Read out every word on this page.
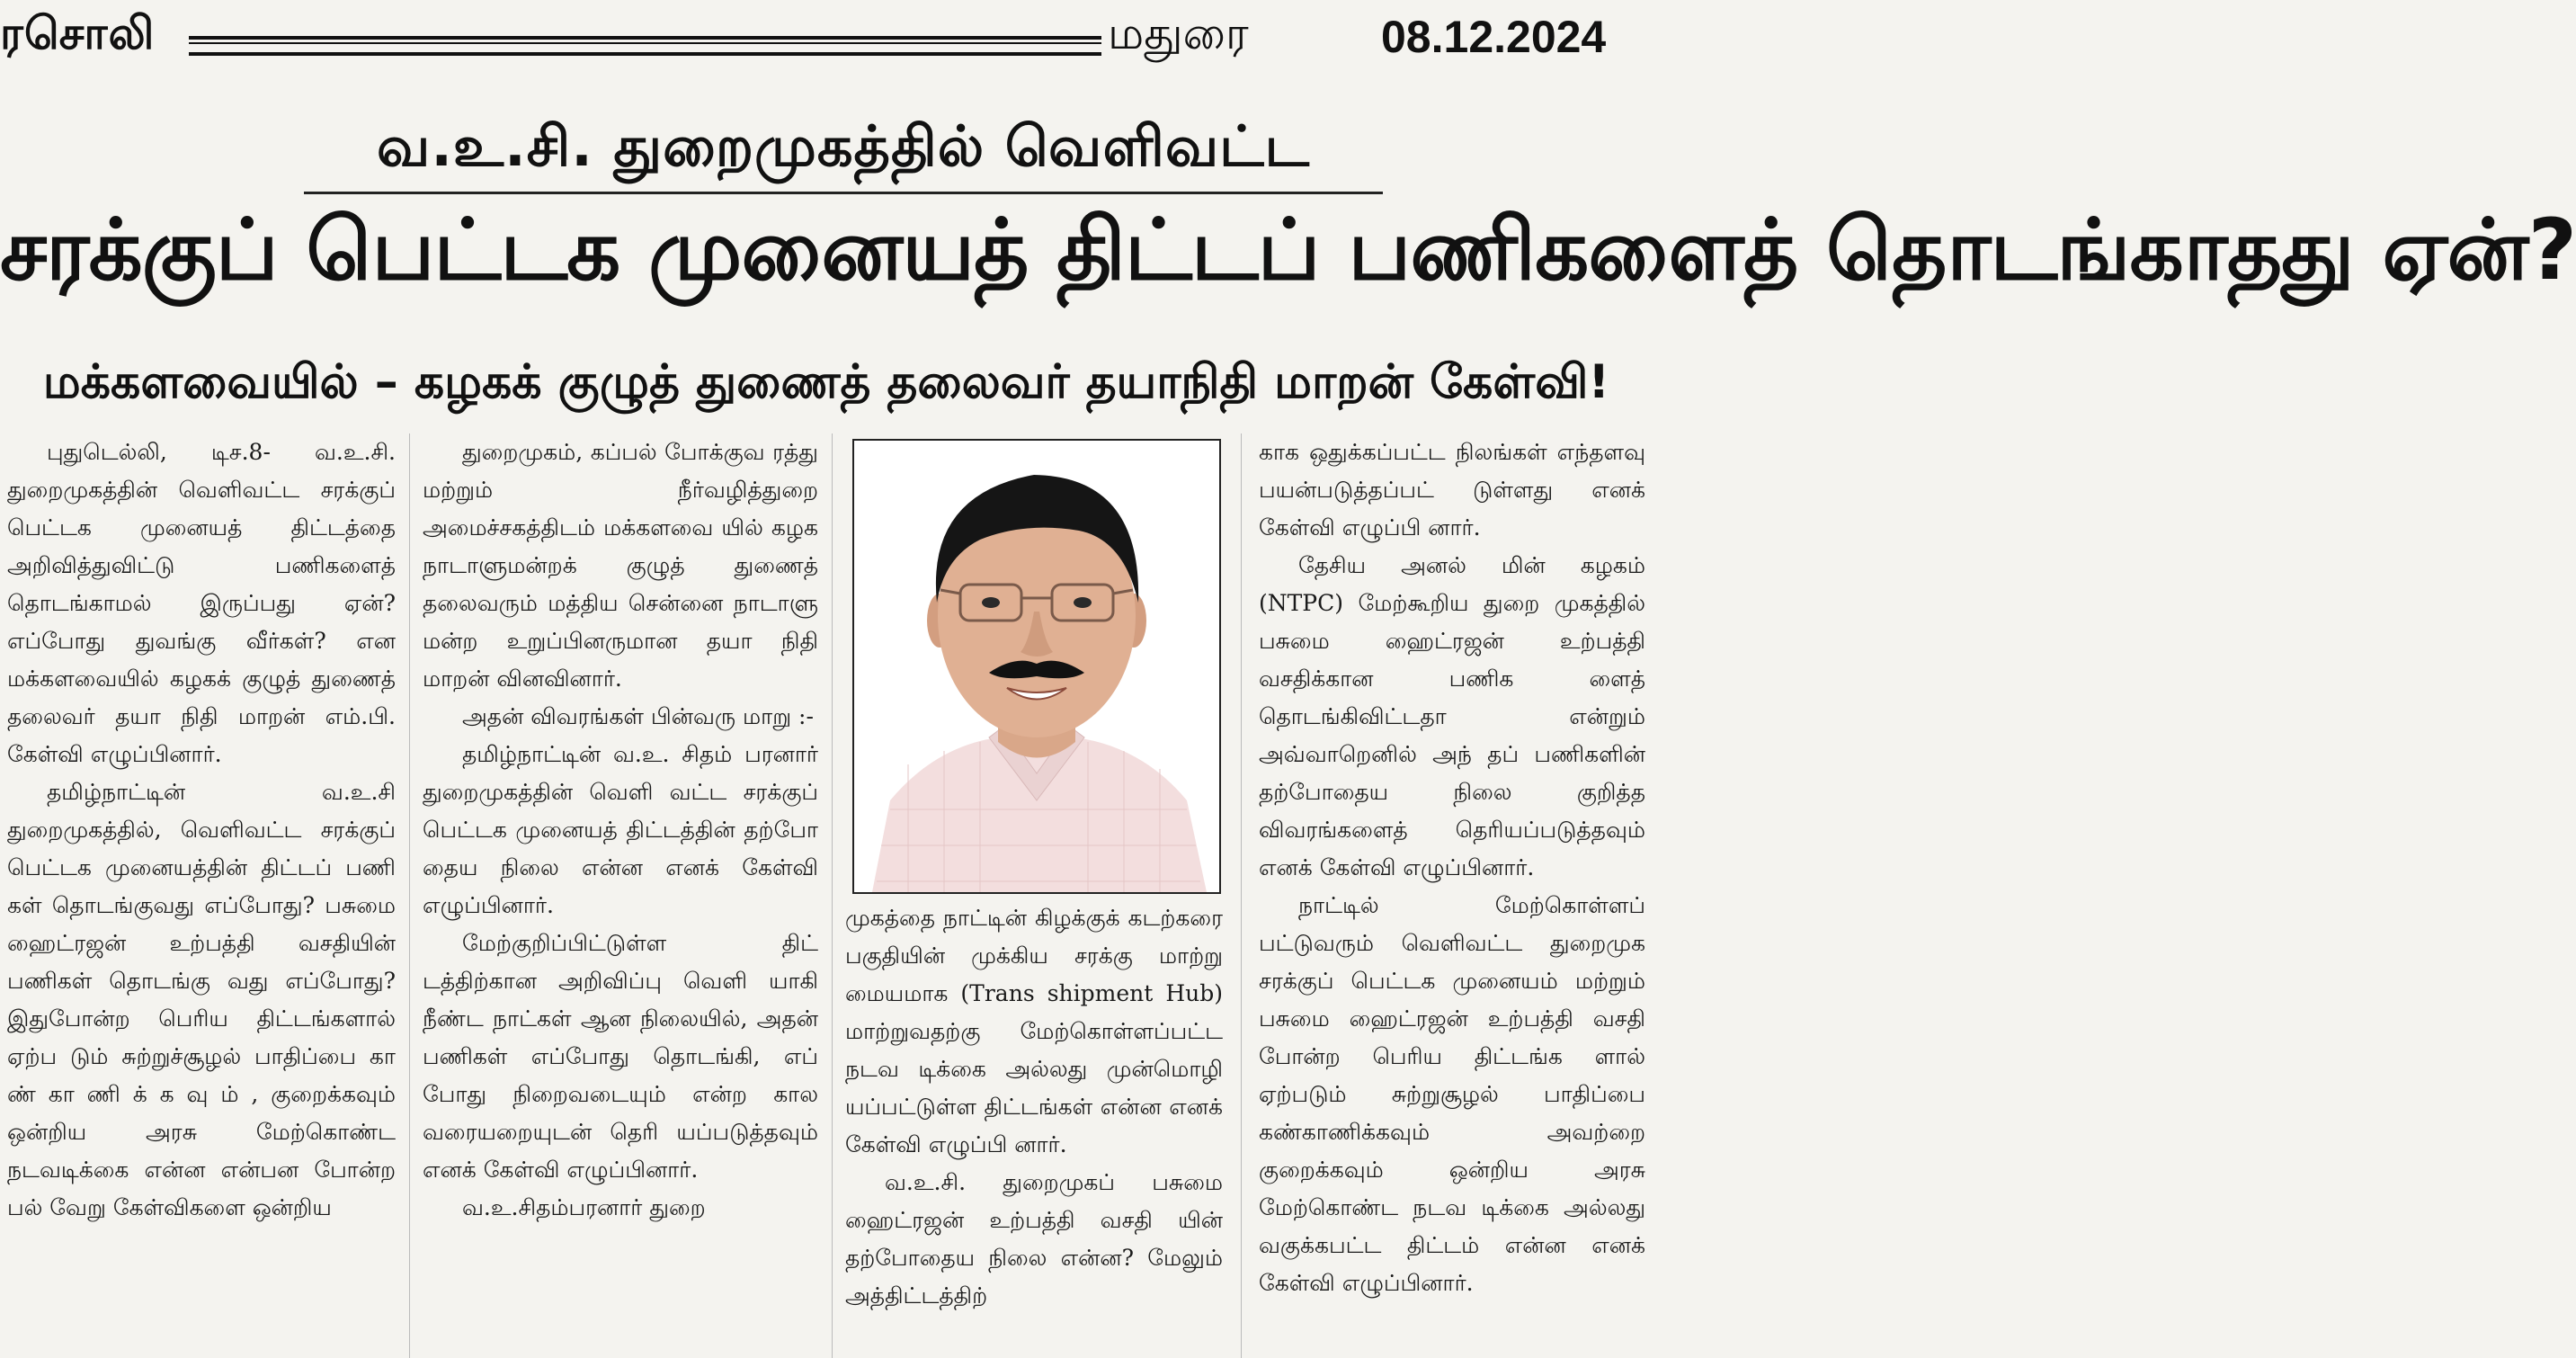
ரசொலி	மதுரை	08.12.2024
வ.உ.சி. துறைமுகத்தில் வெளிவட்ட
சரக்குப் பெட்டக முனையத் திட்டப் பணிகளைத் தொடங்காதது ஏன்?
மக்களவையில் – கழகக் குழுத் துணைத் தலைவர் தயாநிதி மாறன் கேள்வி!

புதுடெல்லி, டிச.8- வ.உ.சி. துறைமுகத்தின் வெளிவட்ட சரக்குப் பெட்டக முனையத் திட்டத்தை அறிவித்துவிட்டு பணிகளைத் தொடங்காமல் இருப்பது ஏன்? எப்போது துவங்கு வீர்கள்? என மக்களவையில் கழகக் குழுத் துணைத் தலைவர் தயா நிதி மாறன் எம்.பி. கேள்வி எழுப்பினார்.

தமிழ்நாட்டின் வ.உ.சி துறைமுகத்தில், வெளிவட்ட சரக்குப் பெட்டக முனையத்தின் திட்டப் பணி கள் தொடங்குவது எப்போது? பசுமை ஹைட்ரஜன் உற்பத்தி வசதியின் பணிகள் தொடங்கு வது எப்போது? இதுபோன்ற பெரிய திட்டங்களால் ஏற்ப டும் சுற்றுச்சூழல் பாதிப்பை கா ண் கா ணி க் க வு ம் , குறைக்கவும் ஒன்றிய அரசு மேற்கொண்ட நடவடிக்கை என்ன என்பன போன்ற பல் வேறு கேள்விகளை ஒன்றிய

துறைமுகம், கப்பல் போக்குவ ரத்து மற்றும் நீர்வழித்துறை அமைச்சகத்திடம் மக்களவை யில் கழக நாடாளுமன்றக் குழுத் துணைத் தலைவரும் மத்திய சென்னை நாடாளு மன்ற உறுப்பினருமான தயா நிதி மாறன் வினவினார்.

அதன் விவரங்கள் பின்வரு மாறு :-

தமிழ்நாட்டின் வ.உ. சிதம் பரனார் துறைமுகத்தின் வெளி வட்ட சரக்குப் பெட்டக முனையத் திட்டத்தின் தற்போ தைய நிலை என்ன எனக் கேள்வி எழுப்பினார்.

மேற்குறிப்பிட்டுள்ள திட் டத்திற்கான அறிவிப்பு வெளி யாகி நீண்ட நாட்கள் ஆன நிலையில், அதன் பணிகள் எப்போது தொடங்கி, எப் போது நிறைவடையும் என்ற கால வரையறையுடன் தெரி யப்படுத்தவும் எனக் கேள்வி எழுப்பினார்.

வ.உ.சிதம்பரனார் துறை

முகத்தை நாட்டின் கிழக்குக் கடற்கரை பகுதியின் முக்கிய சரக்கு மாற்று மையமாக (Trans shipment Hub) மாற்றுவதற்கு மேற்கொள்ளப்பட்ட நடவ டிக்கை அல்லது முன்மொழி யப்பட்டுள்ள திட்டங்கள் என்ன எனக் கேள்வி எழுப்பி னார்.

வ.உ.சி. துறைமுகப் பசுமை ஹைட்ரஜன் உற்பத்தி வசதி யின் தற்போதைய நிலை என்ன? மேலும் அத்திட்டத்திற்

காக ஒதுக்கப்பட்ட நிலங்கள் எந்தளவு பயன்படுத்தப்பட் டுள்ளது எனக் கேள்வி எழுப்பி னார்.

தேசிய அனல் மின் கழகம் (NTPC) மேற்கூறிய துறை முகத்தில் பசுமை ஹைட்ரஜன் உற்பத்தி வசதிக்கான பணிக ளைத் தொடங்கிவிட்டதா என்றும் அவ்வாறெனில் அந் தப் பணிகளின் தற்போதைய நிலை குறித்த விவரங்களைத் தெரியப்படுத்தவும் எனக் கேள்வி எழுப்பினார்.

நாட்டில் மேற்கொள்ளப் பட்டுவரும் வெளிவட்ட துறைமுக சரக்குப் பெட்டக முனையம் மற்றும் பசுமை ஹைட்ரஜன் உற்பத்தி வசதி போன்ற பெரிய திட்டங்க ளால் ஏற்படும் சுற்றுசூழல் பாதிப்பை கண்காணிக்கவும் அவற்றை குறைக்கவும் ஒன்றிய அரசு மேற்கொண்ட நடவ டிக்கை அல்லது வகுக்கபட்ட திட்டம் என்ன எனக் கேள்வி எழுப்பினார்.
